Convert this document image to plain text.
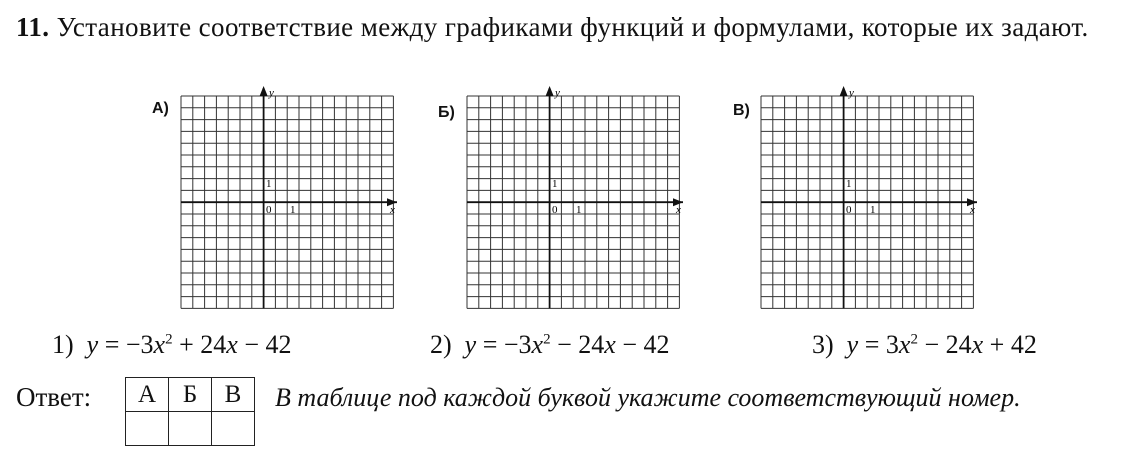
11. Установите соответствие между графиками функций и формулами, которые их задают.
А)
y
x
1
0 1
Б)
y
x
1
0 1
В)
y
x
1
0 1
1) $y = -3x^2 + 24x - 42$	2) $y = -3x^2 - 24x - 42$	3) $y = 3x^2 - 24x + 42$
Ответ: А	Б	В
		В таблице под каждой буквой укажите соответствующий номер.
